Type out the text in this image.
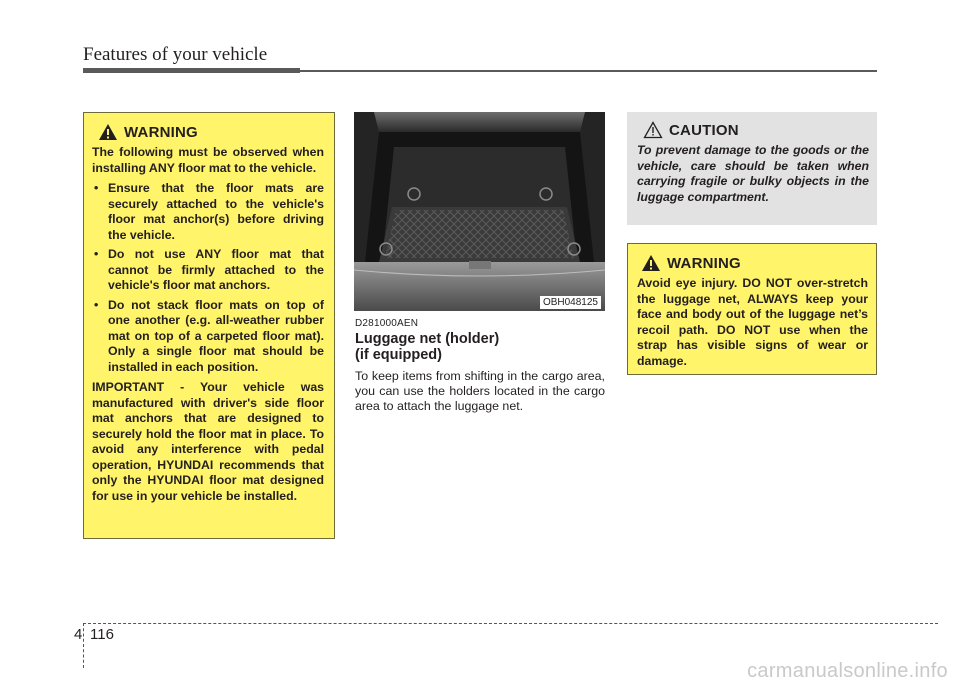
Features of your vehicle
WARNING

The following must be observed when installing ANY floor mat to the vehicle.

• Ensure that the floor mats are securely attached to the vehicle's floor mat anchor(s) before driving the vehicle.
• Do not use ANY floor mat that cannot be firmly attached to the vehicle's floor mat anchors.
• Do not stack floor mats on top of one another (e.g. all-weather rubber mat on top of a carpeted floor mat). Only a single floor mat should be installed in each position.

IMPORTANT - Your vehicle was manufactured with driver's side floor mat anchors that are designed to securely hold the floor mat in place. To avoid any interference with pedal operation, HYUNDAI recommends that only the HYUNDAI floor mat designed for use in your vehicle be installed.

OBH048125
D281000AEN
Luggage net (holder)
(if equipped)
To keep items from shifting in the cargo area, you can use the holders located in the cargo area to attach the luggage net.
CAUTION
To prevent damage to the goods or the vehicle, care should be taken when carrying fragile or bulky objects in the luggage compartment.
WARNING
Avoid eye injury. DO NOT over-stretch the luggage net, ALWAYS keep your face and body out of the luggage net’s recoil path. DO NOT use when the strap has visible signs of wear or damage.
4 116
carmanualsonline.info
